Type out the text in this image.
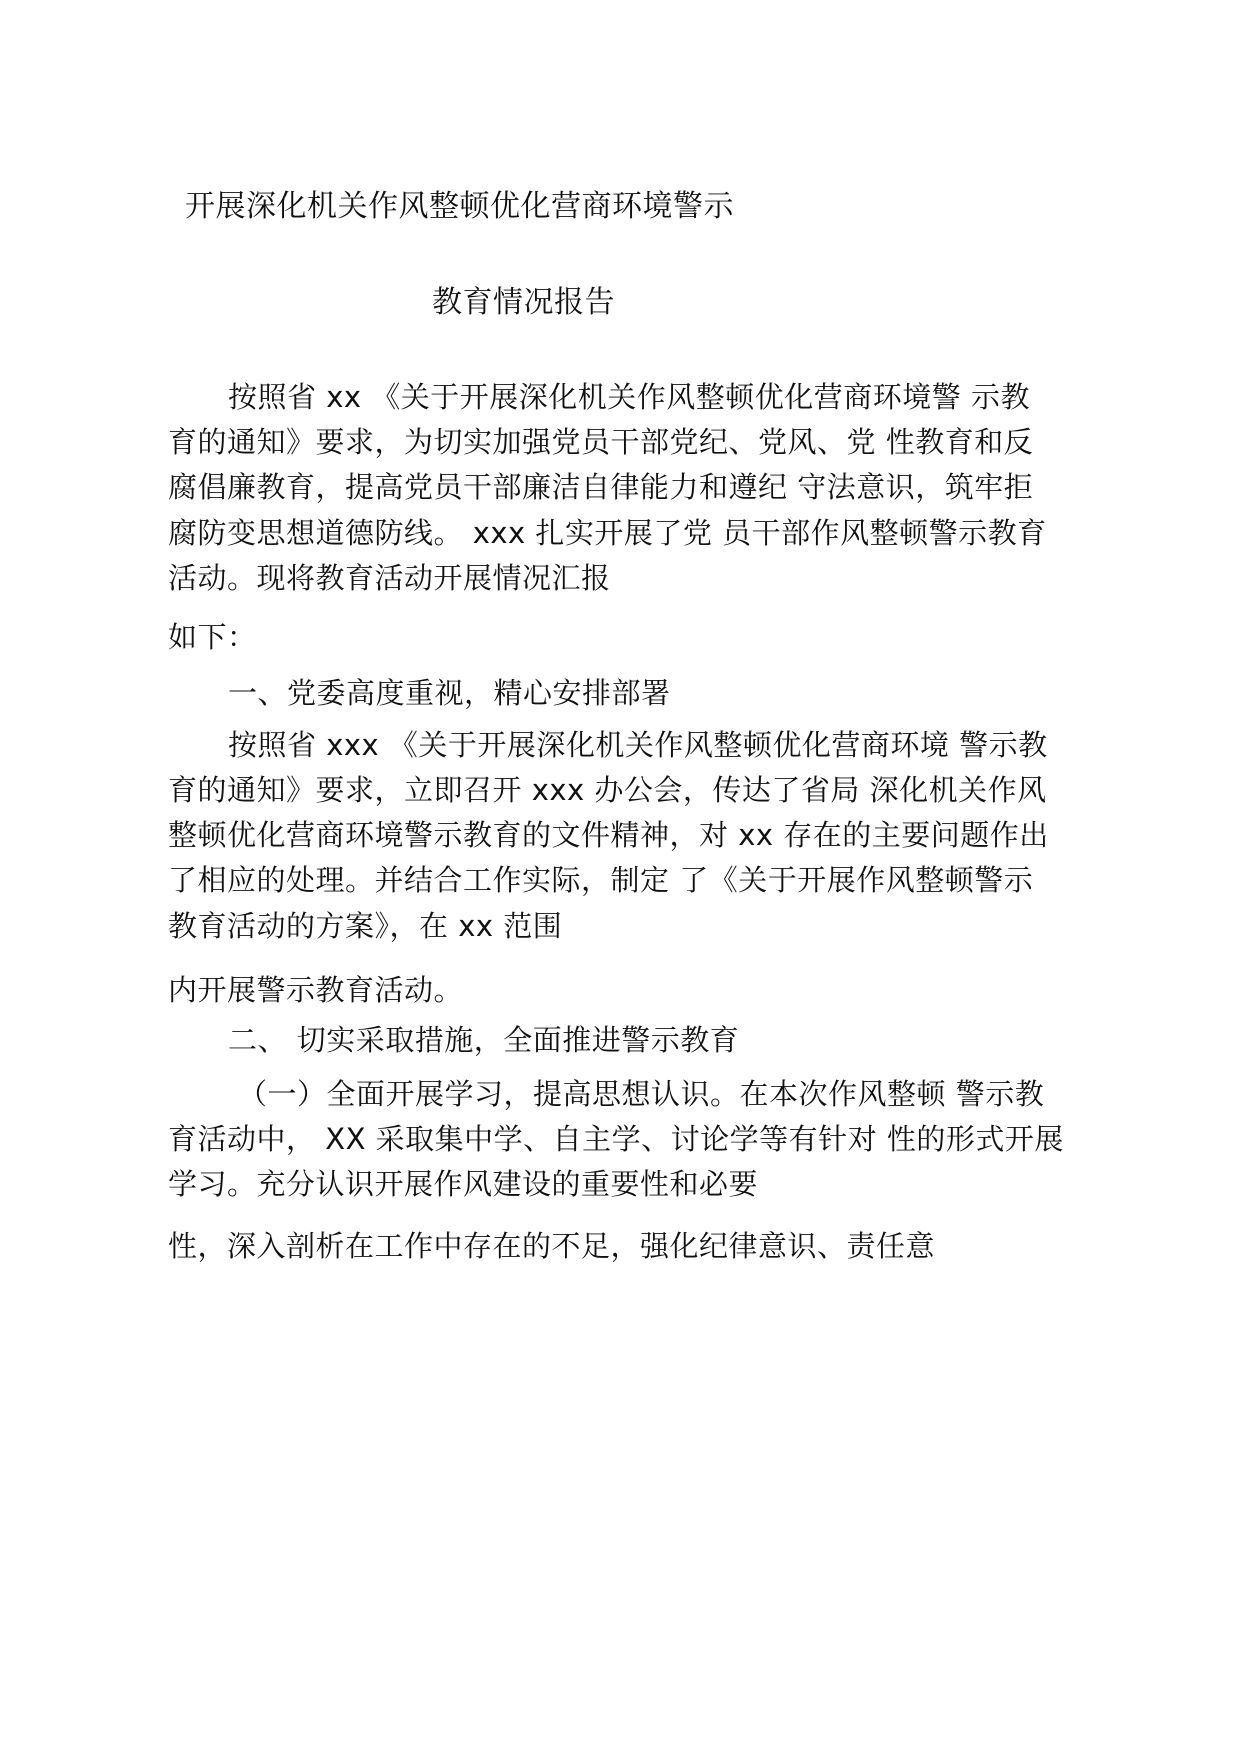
开展深化机关作风整顿优化营商环境警示
教育情况报告
按照省 xx 《关于开展深化机关作风整顿优化营商环境警 示教
育的通知》要求，为切实加强党员干部党纪、党风、党 性教育和反
腐倡廉教育，提高党员干部廉洁自律能力和遵纪 守法意识，筑牢拒
腐防变思想道德防线。 xxx 扎实开展了党 员干部作风整顿警示教育
活动。现将教育活动开展情况汇报
如下：
一、党委高度重视，精心安排部署
按照省 xxx 《关于开展深化机关作风整顿优化营商环境 警示教
育的通知》要求，立即召开 xxx 办公会，传达了省局 深化机关作风
整顿优化营商环境警示教育的文件精神，对 xx 存在的主要问题作出
了相应的处理。并结合工作实际，制定 了《关于开展作风整顿警示
教育活动的方案》，在 xx 范围
内开展警示教育活动。
二、 切实采取措施，全面推进警示教育
（一）全面开展学习，提高思想认识。在本次作风整顿 警示教
育活动中， XX 采取集中学、自主学、讨论学等有针对 性的形式开展
学习。充分认识开展作风建设的重要性和必要
性，深入剖析在工作中存在的不足，强化纪律意识、责任意
